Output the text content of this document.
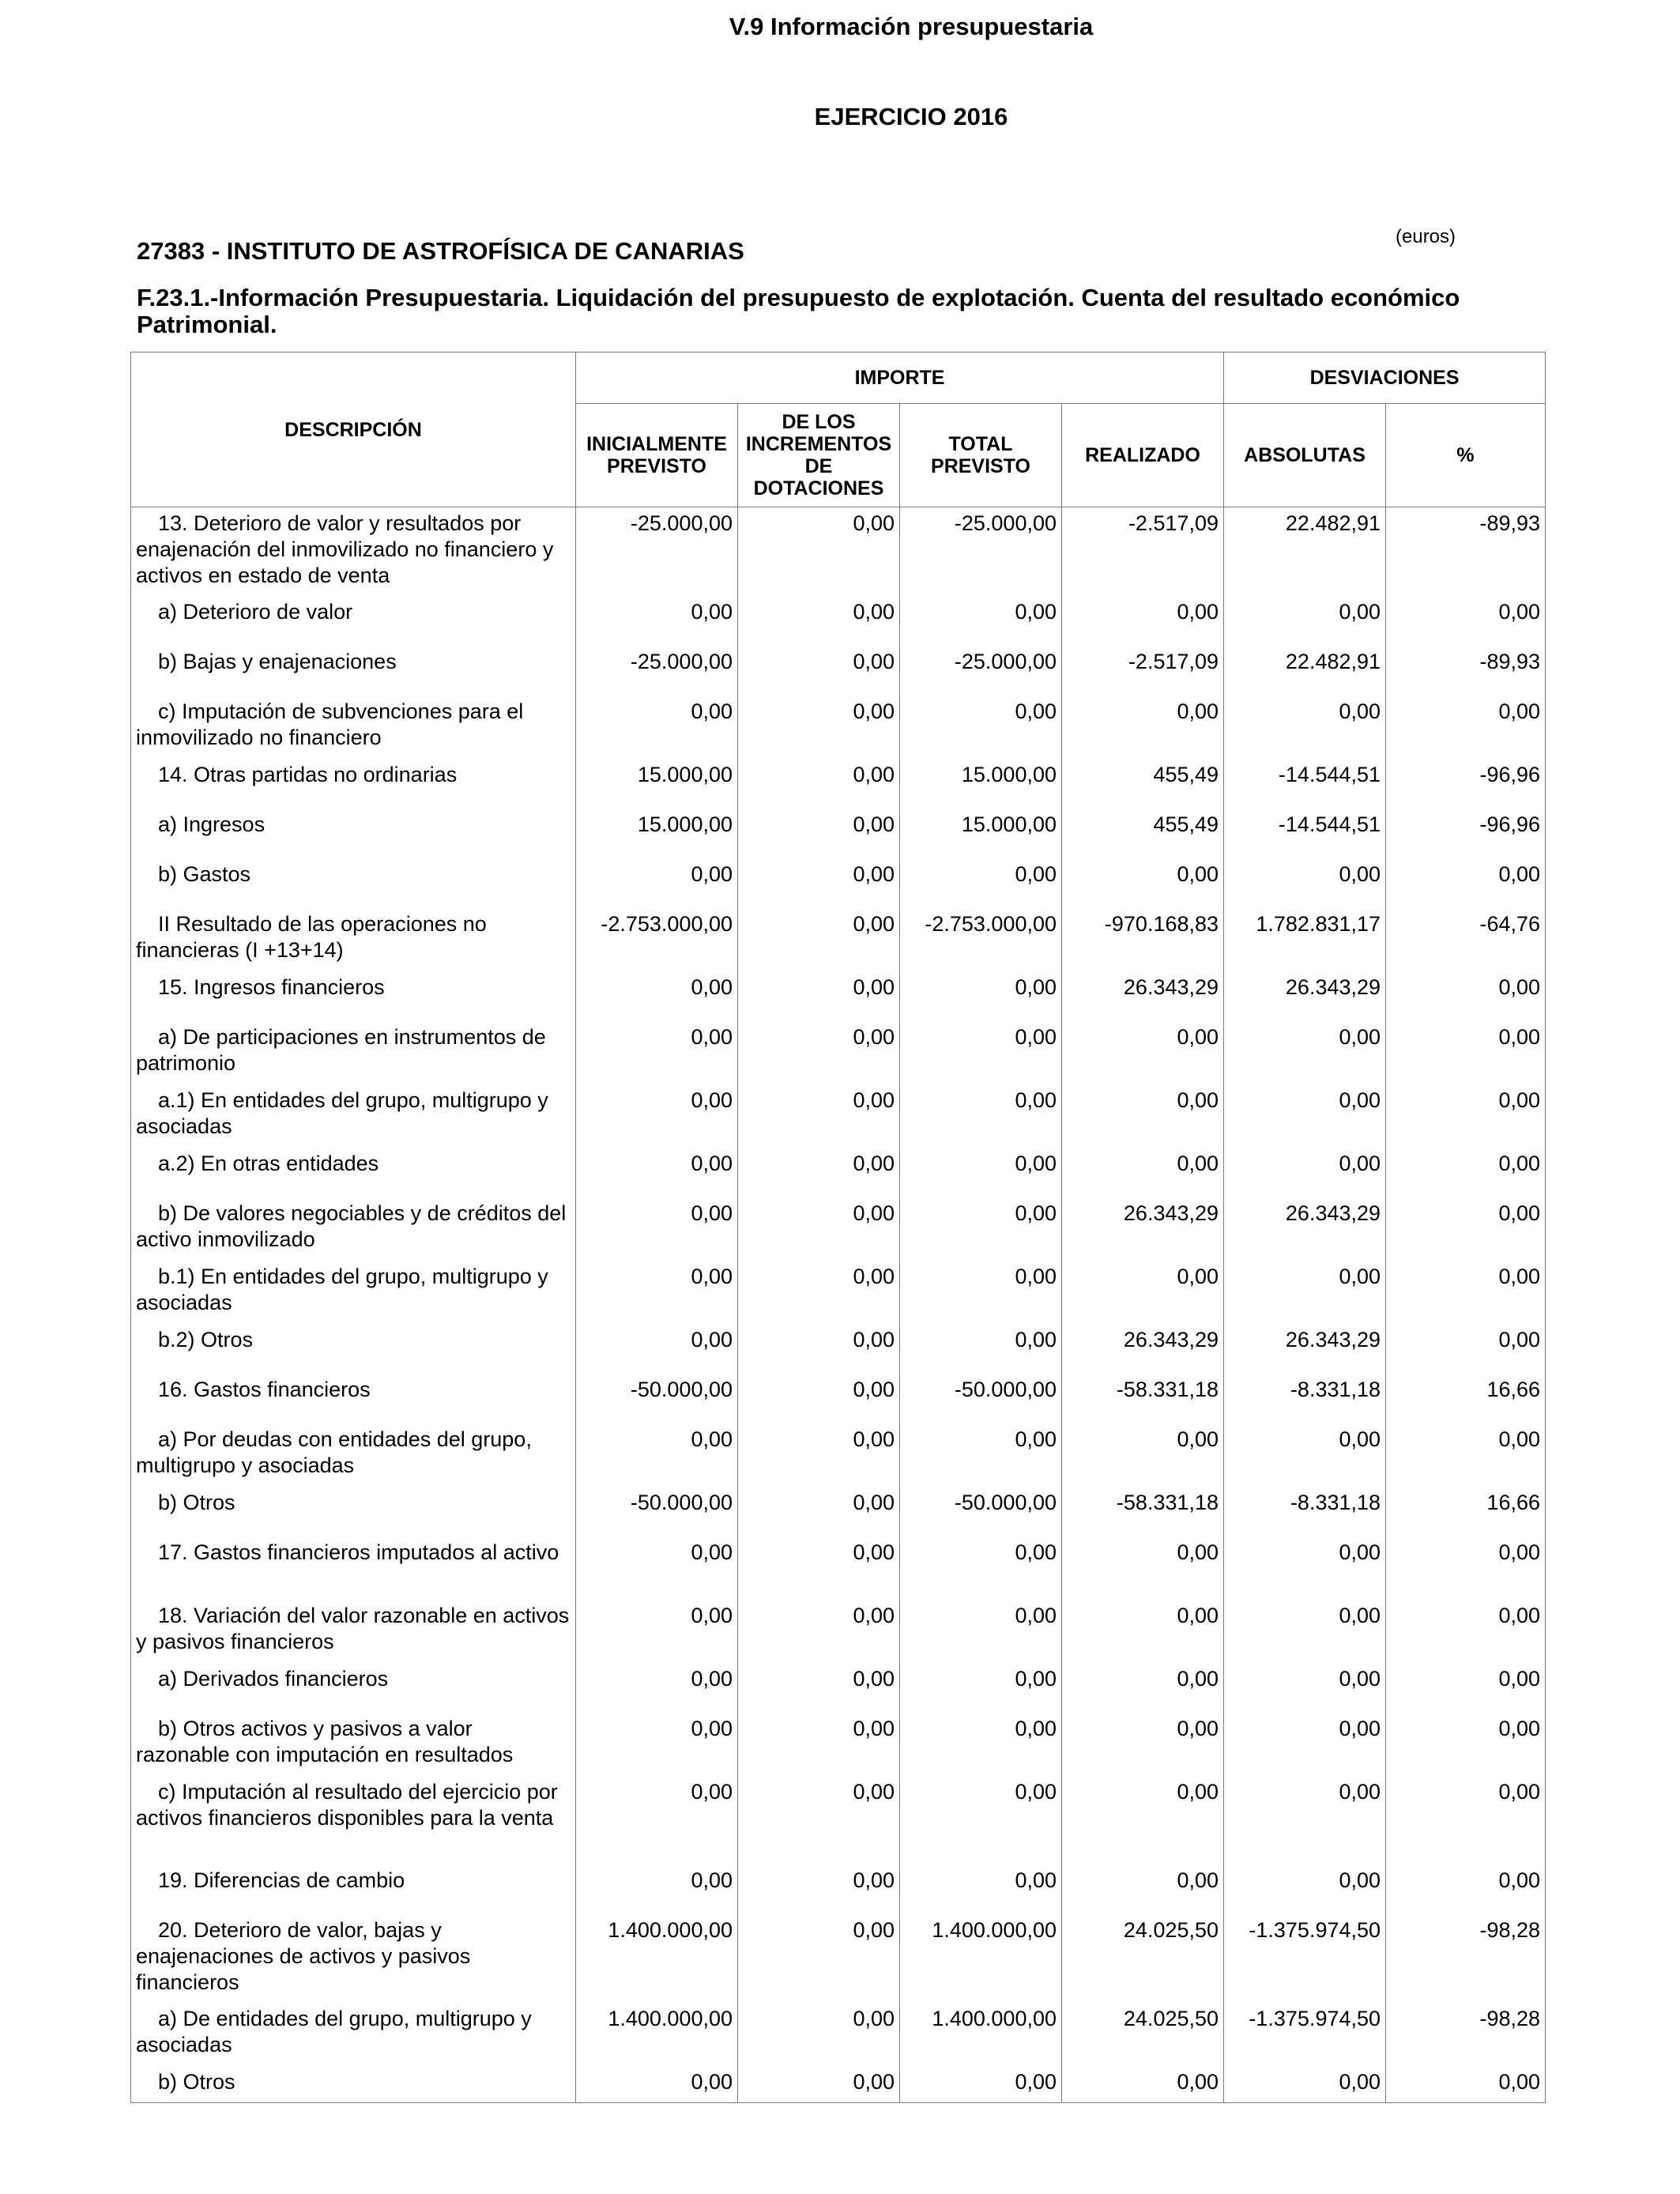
V.9 Información presupuestaria
EJERCICIO 2016
27383 - INSTITUTO DE ASTROFÍSICA DE CANARIAS
(euros)
F.23.1.-Información Presupuestaria. Liquidación del presupuesto de explotación. Cuenta del resultado económico Patrimonial.
DESCRIPCIÓN	IMPORTE				DESVIACIONES	
	INICIALMENTE PREVISTO	DE LOS INCREMENTOS DE DOTACIONES	TOTAL PREVISTO	REALIZADO	ABSOLUTAS	%
13. Deterioro de valor y resultados por enajenación del inmovilizado no financiero y activos en estado de venta	-25.000,00	0,00	-25.000,00	-2.517,09	22.482,91	-89,93
a) Deterioro de valor	0,00	0,00	0,00	0,00	0,00	0,00
b) Bajas y enajenaciones	-25.000,00	0,00	-25.000,00	-2.517,09	22.482,91	-89,93
c) Imputación de subvenciones para el inmovilizado no financiero	0,00	0,00	0,00	0,00	0,00	0,00
14. Otras partidas no ordinarias	15.000,00	0,00	15.000,00	455,49	-14.544,51	-96,96
a) Ingresos	15.000,00	0,00	15.000,00	455,49	-14.544,51	-96,96
b) Gastos	0,00	0,00	0,00	0,00	0,00	0,00
II Resultado de las operaciones no financieras (I +13+14)	-2.753.000,00	0,00	-2.753.000,00	-970.168,83	1.782.831,17	-64,76
15. Ingresos financieros	0,00	0,00	0,00	26.343,29	26.343,29	0,00
a) De participaciones en instrumentos de patrimonio	0,00	0,00	0,00	0,00	0,00	0,00
a.1) En entidades del grupo, multigrupo y asociadas	0,00	0,00	0,00	0,00	0,00	0,00
a.2) En otras entidades	0,00	0,00	0,00	0,00	0,00	0,00
b) De valores negociables y de créditos del activo inmovilizado	0,00	0,00	0,00	26.343,29	26.343,29	0,00
b.1) En entidades del grupo, multigrupo y asociadas	0,00	0,00	0,00	0,00	0,00	0,00
b.2) Otros	0,00	0,00	0,00	26.343,29	26.343,29	0,00
16. Gastos financieros	-50.000,00	0,00	-50.000,00	-58.331,18	-8.331,18	16,66
a) Por deudas con entidades del grupo, multigrupo y asociadas	0,00	0,00	0,00	0,00	0,00	0,00
b) Otros	-50.000,00	0,00	-50.000,00	-58.331,18	-8.331,18	16,66
17. Gastos financieros imputados al activo	0,00	0,00	0,00	0,00	0,00	0,00
18. Variación del valor razonable en activos y pasivos financieros	0,00	0,00	0,00	0,00	0,00	0,00
a) Derivados financieros	0,00	0,00	0,00	0,00	0,00	0,00
b) Otros activos y pasivos a valor razonable con imputación en resultados	0,00	0,00	0,00	0,00	0,00	0,00
c) Imputación al resultado del ejercicio por activos financieros disponibles para la venta	0,00	0,00	0,00	0,00	0,00	0,00
19. Diferencias de cambio	0,00	0,00	0,00	0,00	0,00	0,00
20. Deterioro de valor, bajas y enajenaciones de activos y pasivos financieros	1.400.000,00	0,00	1.400.000,00	24.025,50	-1.375.974,50	-98,28
a) De entidades del grupo, multigrupo y asociadas	1.400.000,00	0,00	1.400.000,00	24.025,50	-1.375.974,50	-98,28
b) Otros	0,00	0,00	0,00	0,00	0,00	0,00
